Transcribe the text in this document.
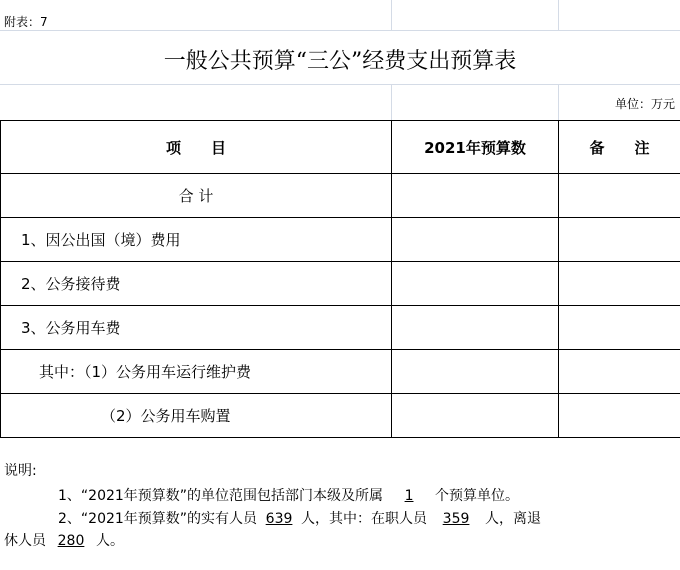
附表：7
一般公共预算“三公”经费支出预算表
单位：万元
项　　目	2021年预算数	备　　注
合 计		
1、因公出国（境）费用		
2、公务接待费		
3、公务用车费		
其中：（1）公务用车运行维护费		
（2）公务用车购置		
说明:
1、“2021年预算数”的单位范围包括部门本级及所属 1 个预算单位。
2、“2021年预算数”的实有人员 639 人，其中：在职人员 359 人，离退
休人员 280 人。
